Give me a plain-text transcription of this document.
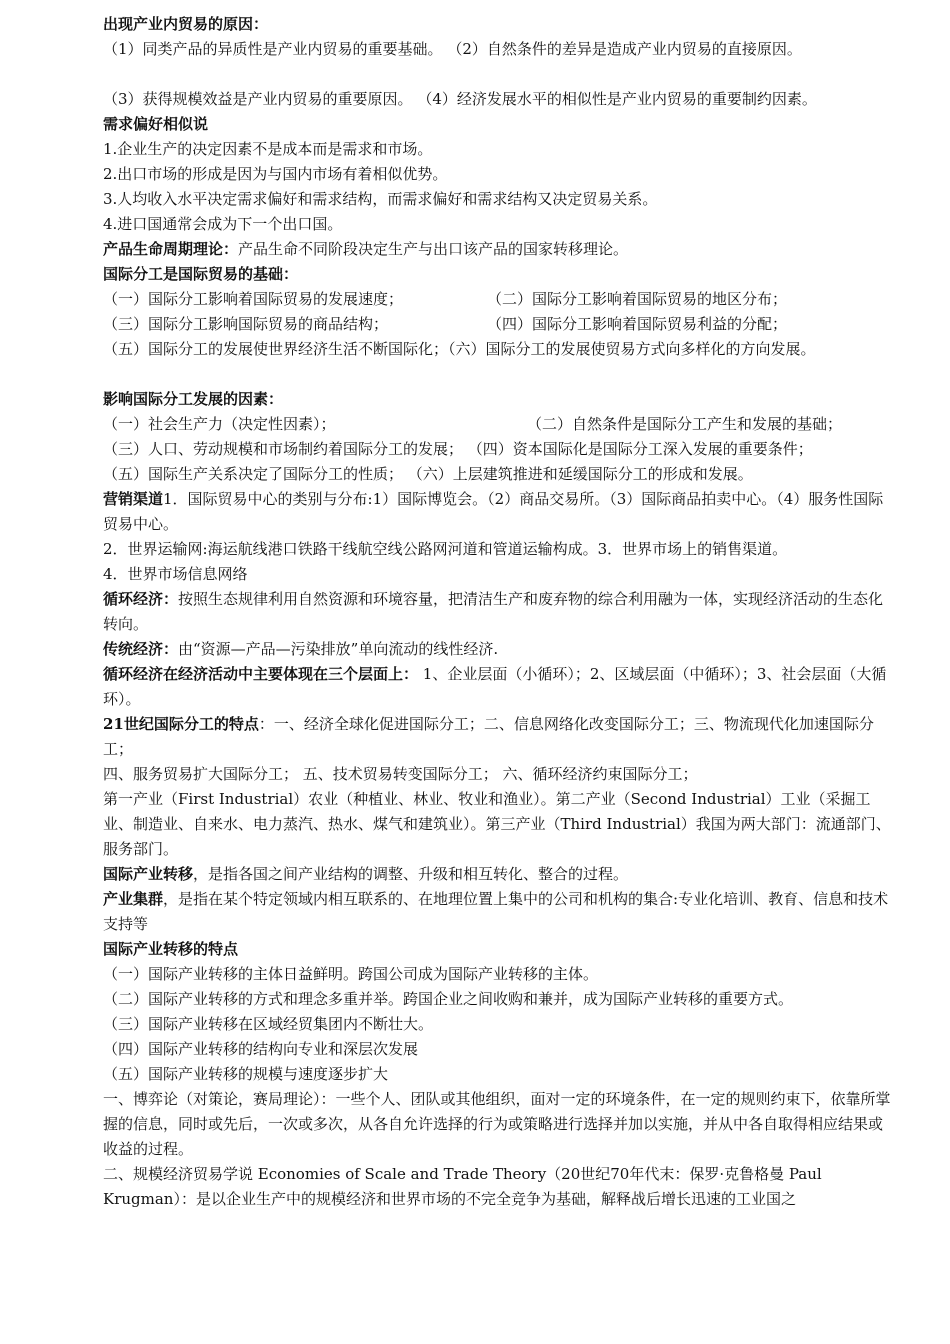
出现产业内贸易的原因：

（1）同类产品的异质性是产业内贸易的重要基础。 （2）自然条件的差异是造成产业内贸易的直接原因。

（3）获得规模效益是产业内贸易的重要原因。 （4）经济发展水平的相似性是产业内贸易的重要制约因素。

需求偏好相似说

1.企业生产的决定因素不是成本而是需求和市场。

2.出口市场的形成是因为与国内市场有着相似优势。

3.人均收入水平决定需求偏好和需求结构，而需求偏好和需求结构又决定贸易关系。

4.进口国通常会成为下一个出口国。

产品生命周期理论：产品生命不同阶段决定生产与出口该产品的国家转移理论。

国际分工是国际贸易的基础：

（一）国际分工影响着国际贸易的发展速度；	（二）国际分工影响着国际贸易的地区分布；
（三）国际分工影响国际贸易的商品结构；	（四）国际分工影响着国际贸易利益的分配；

（五）国际分工的发展使世界经济生活不断国际化；（六）国际分工的发展使贸易方式向多样化的方向发展。

影响国际分工发展的因素：

（一）社会生产力（决定性因素）；	（二）自然条件是国际分工产生和发展的基础；

（三）人口、劳动规模和市场制约着国际分工的发展； （四）资本国际化是国际分工深入发展的重要条件；

（五）国际生产关系决定了国际分工的性质； （六）上层建筑推进和延缓国际分工的形成和发展。

营销渠道1．国际贸易中心的类别与分布:1）国际博览会。（2）商品交易所。（3）国际商品拍卖中心。（4）服务性国际贸易中心。

2．世界运输网:海运航线港口铁路干线航空线公路网河道和管道运输构成。3．世界市场上的销售渠道。

4．世界市场信息网络

循环经济：按照生态规律利用自然资源和环境容量，把清洁生产和废弃物的综合利用融为一体，实现经济活动的生态化转向。

传统经济：由“资源—产品—污染排放”单向流动的线性经济.

循环经济在经济活动中主要体现在三个层面上： 1、企业层面（小循环）；2、区域层面（中循环）；3、社会层面（大循环）。

21世纪国际分工的特点：一、经济全球化促进国际分工；二、信息网络化改变国际分工；三、物流现代化加速国际分工；

四、服务贸易扩大国际分工； 五、技术贸易转变国际分工； 六、循环经济约束国际分工；

第一产业（First Industrial）农业（种植业、林业、牧业和渔业）。第二产业（Second Industrial）工业（采掘工业、制造业、自来水、电力蒸汽、热水、煤气和建筑业）。第三产业（Third Industrial）我国为两大部门：流通部门、服务部门。

国际产业转移，是指各国之间产业结构的调整、升级和相互转化、整合的过程。

产业集群，是指在某个特定领域内相互联系的、在地理位置上集中的公司和机构的集合:专业化培训、教育、信息和技术支持等

国际产业转移的特点

（一）国际产业转移的主体日益鲜明。跨国公司成为国际产业转移的主体。

（二）国际产业转移的方式和理念多重并举。跨国企业之间收购和兼并，成为国际产业转移的重要方式。

（三）国际产业转移在区域经贸集团内不断壮大。

（四）国际产业转移的结构向专业和深层次发展

（五）国际产业转移的规模与速度逐步扩大

一、博弈论（对策论，赛局理论）：一些个人、团队或其他组织，面对一定的环境条件，在一定的规则约束下，依靠所掌握的信息，同时或先后，一次或多次，从各自允许选择的行为或策略进行选择并加以实施，并从中各自取得相应结果或收益的过程。

二、规模经济贸易学说 Economies of Scale and Trade Theory（20世纪70年代末：保罗·克鲁格曼 Paul Krugman）：是以企业生产中的规模经济和世界市场的不完全竞争为基础，解释战后增长迅速的工业国之
